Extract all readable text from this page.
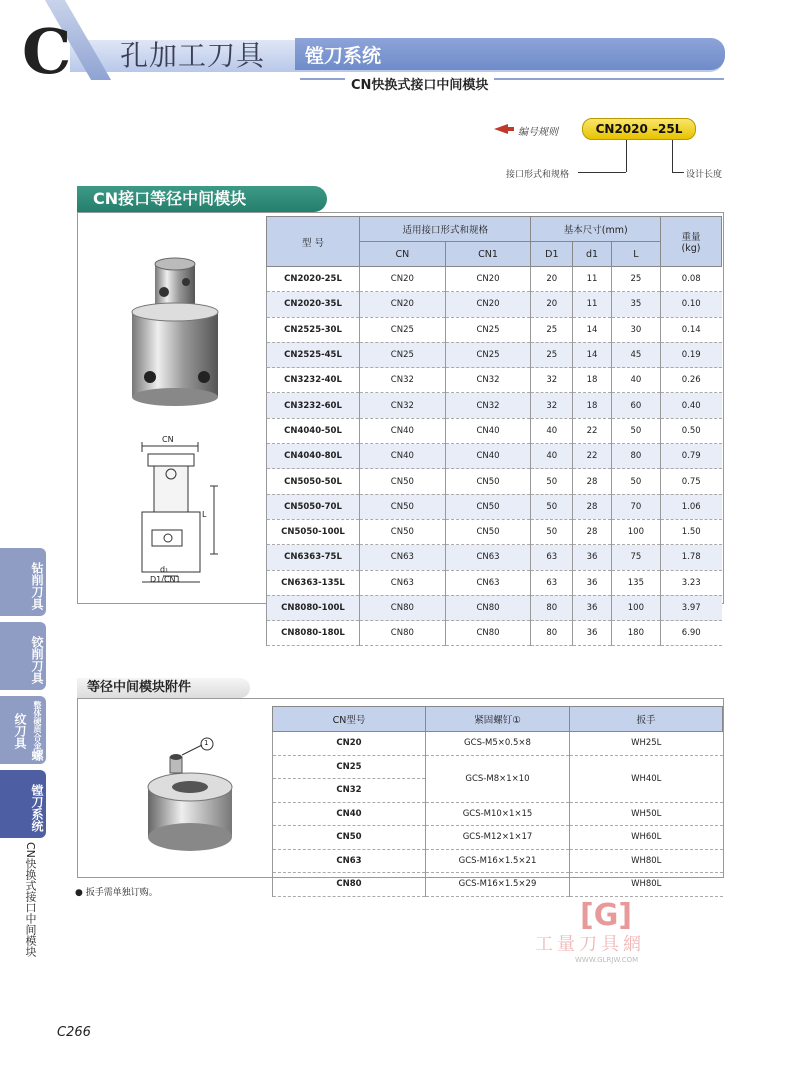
C 孔加工刀具 镗刀系统
CN快换式接口中间模块
编号规则	CN2020 –25L
接口形式和规格	设计长度
CN接口等径中间模块
CN
L
d₁
D1/CN1
型 号	适用接口形式和规格		基本尺寸(mm)			重量
(kg)
	CN	CN1	D1	d1	L	
CN2020-25L	CN20	CN20	20	11	25	0.08
CN2020-35L	CN20	CN20	20	11	35	0.10
CN2525-30L	CN25	CN25	25	14	30	0.14
CN2525-45L	CN25	CN25	25	14	45	0.19
CN3232-40L	CN32	CN32	32	18	40	0.26
CN3232-60L	CN32	CN32	32	18	60	0.40
CN4040-50L	CN40	CN40	40	22	50	0.50
CN4040-80L	CN40	CN40	40	22	80	0.79
CN5050-50L	CN50	CN50	50	28	50	0.75
CN5050-70L	CN50	CN50	50	28	70	1.06
CN5050-100L	CN50	CN50	50	28	100	1.50
CN6363-75L	CN63	CN63	63	36	75	1.78
CN6363-135L	CN63	CN63	63	36	135	3.23
CN8080-100L	CN80	CN80	80	36	100	3.97
CN8080-180L	CN80	CN80	80	36	180	6.90
钻削刀具
铰削刀具
整体硬质合金螺纹刀具
镗刀系统
CN快换式接口中间模块
等径中间模块附件
1
CN型号	紧固螺钉①	扳手
CN20	GCS-M5×0.5×8	WH25L
CN25	GCS-M8×1×10	WH40L
CN32		
CN40	GCS-M10×1×15	WH50L
CN50	GCS-M12×1×17	WH60L
CN63	GCS-M16×1.5×21	WH80L
CN80	GCS-M16×1.5×29	WH80L
● 扳手需单独订购。
[G]
工量刀具網
WWW.GLRJW.COM
C266
